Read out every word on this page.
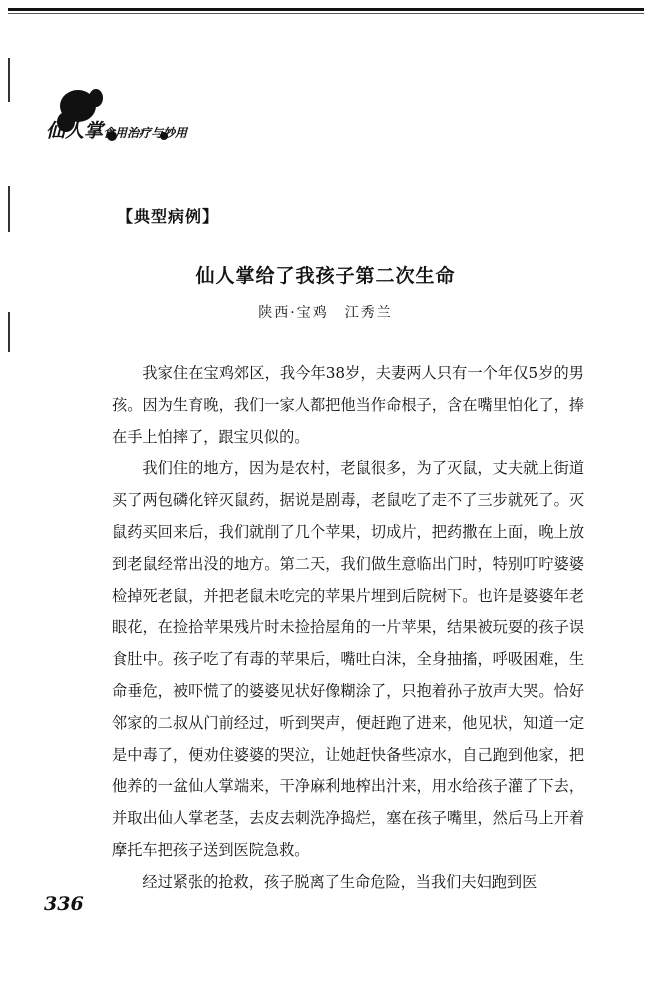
仙人掌食用治疗与妙用
【典型病例】
仙人掌给了我孩子第二次生命
陕西·宝鸡　江秀兰

我家住在宝鸡郊区，我今年38岁，夫妻两人只有一个年仅5岁的男孩。因为生育晚，我们一家人都把他当作命根子，含在嘴里怕化了，捧在手上怕摔了，跟宝贝似的。

我们住的地方，因为是农村，老鼠很多，为了灭鼠，丈夫就上街道买了两包磷化锌灭鼠药，据说是剧毒，老鼠吃了走不了三步就死了。灭鼠药买回来后，我们就削了几个苹果，切成片，把药撒在上面，晚上放到老鼠经常出没的地方。第二天，我们做生意临出门时，特别叮咛婆婆检掉死老鼠，并把老鼠未吃完的苹果片埋到后院树下。也许是婆婆年老眼花，在捡拾苹果残片时未捡拾屋角的一片苹果，结果被玩耍的孩子误食肚中。孩子吃了有毒的苹果后，嘴吐白沫，全身抽搐，呼吸困难，生命垂危，被吓慌了的婆婆见状好像糊涂了，只抱着孙子放声大哭。恰好邻家的二叔从门前经过，听到哭声，便赶跑了进来，他见状，知道一定是中毒了，便劝住婆婆的哭泣，让她赶快备些凉水，自己跑到他家，把他养的一盆仙人掌端来，干净麻利地榨出汁来，用水给孩子灌了下去，并取出仙人掌老茎，去皮去刺洗净捣烂，塞在孩子嘴里，然后马上开着摩托车把孩子送到医院急救。

经过紧张的抢救，孩子脱离了生命危险，当我们夫妇跑到医

336
